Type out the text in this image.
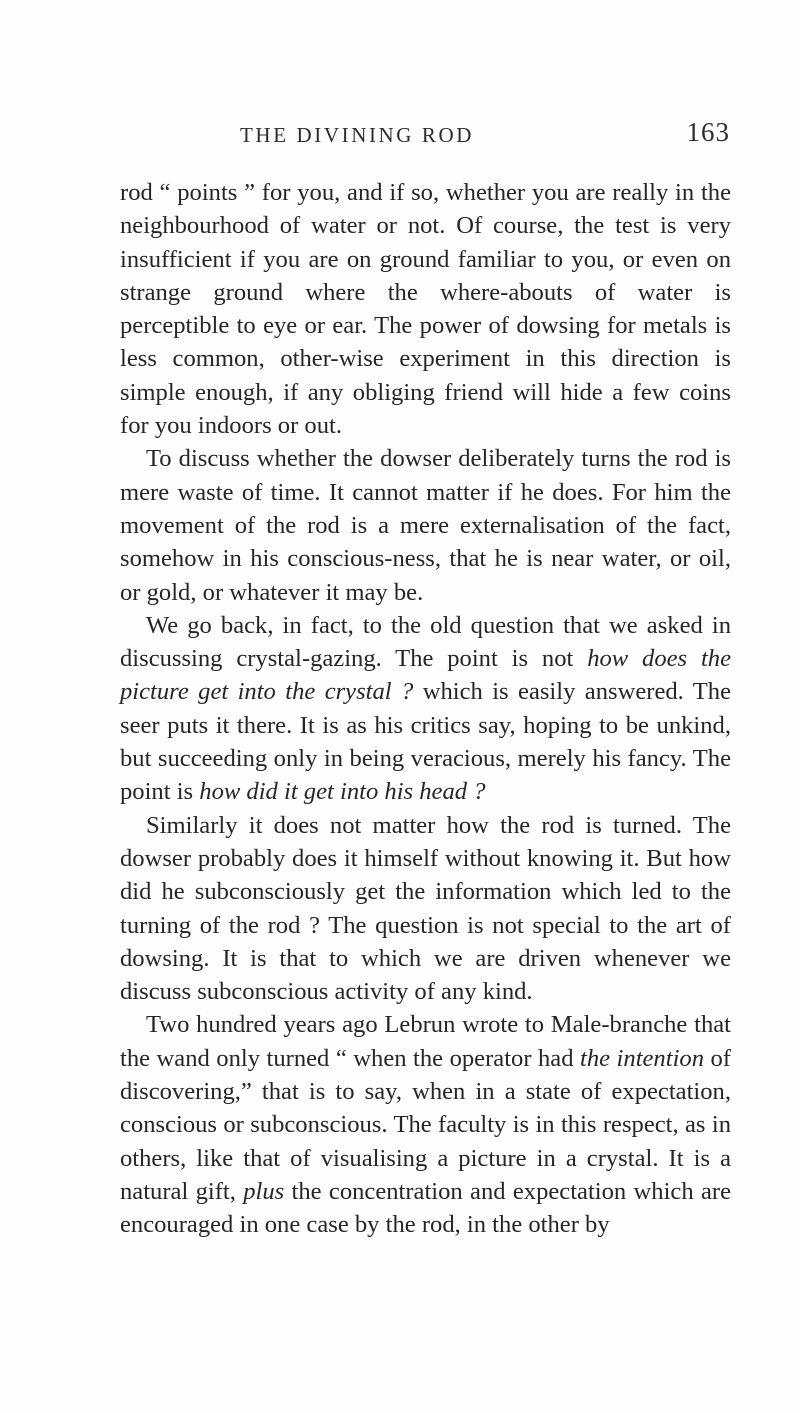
THE DIVINING ROD	163

rod “ points ” for you, and if so, whether you are really in the neighbourhood of water or not. Of course, the test is very insufficient if you are on ground familiar to you, or even on strange ground where the where-abouts of water is perceptible to eye or ear. The power of dowsing for metals is less common, other-wise experiment in this direction is simple enough, if any obliging friend will hide a few coins for you indoors or out.

To discuss whether the dowser deliberately turns the rod is mere waste of time. It cannot matter if he does. For him the movement of the rod is a mere externalisation of the fact, somehow in his conscious-ness, that he is near water, or oil, or gold, or whatever it may be.

We go back, in fact, to the old question that we asked in discussing crystal-gazing. The point is not how does the picture get into the crystal ? which is easily answered. The seer puts it there. It is as his critics say, hoping to be unkind, but succeeding only in being veracious, merely his fancy. The point is how did it get into his head ?

Similarly it does not matter how the rod is turned. The dowser probably does it himself without knowing it. But how did he subconsciously get the information which led to the turning of the rod ? The question is not special to the art of dowsing. It is that to which we are driven whenever we discuss subconscious activity of any kind.

Two hundred years ago Lebrun wrote to Male-branche that the wand only turned “ when the operator had the intention of discovering,” that is to say, when in a state of expectation, conscious or subconscious. The faculty is in this respect, as in others, like that of visualising a picture in a crystal. It is a natural gift, plus the concentration and expectation which are encouraged in one case by the rod, in the other by
